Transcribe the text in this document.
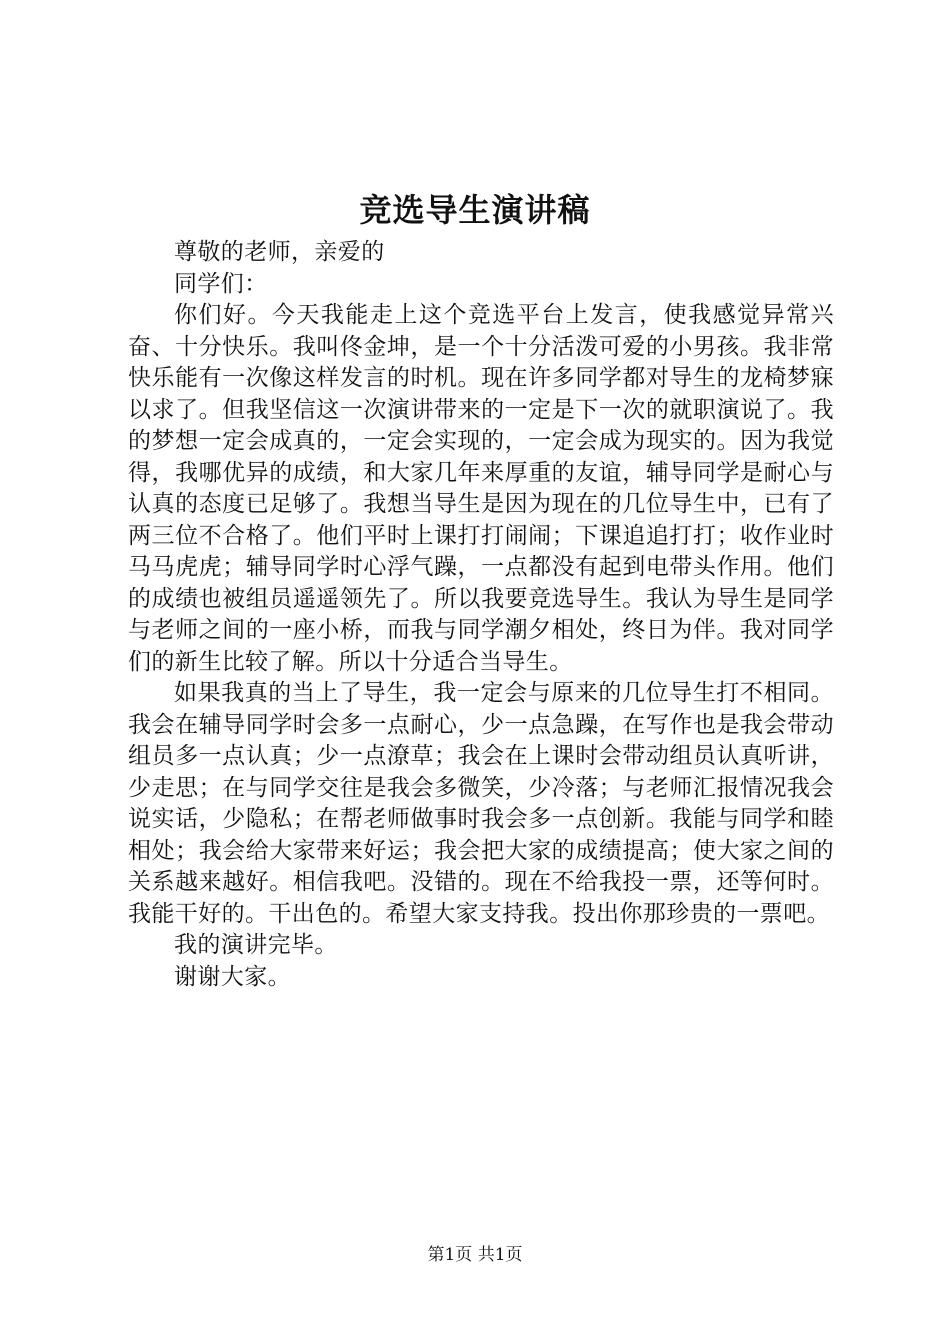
竞选导生演讲稿

尊敬的老师，亲爱的

同学们：

你们好。今天我能走上这个竞选平台上发言，使我感觉异常兴奋、十分快乐。我叫佟金坤，是一个十分活泼可爱的小男孩。我非常快乐能有一次像这样发言的时机。现在许多同学都对导生的龙椅梦寐以求了。但我坚信这一次演讲带来的一定是下一次的就职演说了。我的梦想一定会成真的，一定会实现的，一定会成为现实的。因为我觉得，我哪优异的成绩，和大家几年来厚重的友谊，辅导同学是耐心与认真的态度已足够了。我想当导生是因为现在的几位导生中，已有了两三位不合格了。他们平时上课打打闹闹；下课追追打打；收作业时马马虎虎；辅导同学时心浮气躁，一点都没有起到电带头作用。他们的成绩也被组员遥遥领先了。所以我要竞选导生。我认为导生是同学与老师之间的一座小桥，而我与同学潮夕相处，终日为伴。我对同学们的新生比较了解。所以十分适合当导生。

如果我真的当上了导生，我一定会与原来的几位导生打不相同。我会在辅导同学时会多一点耐心，少一点急躁，在写作也是我会带动组员多一点认真；少一点潦草；我会在上课时会带动组员认真听讲，少走思；在与同学交往是我会多微笑，少冷落；与老师汇报情况我会说实话，少隐私；在帮老师做事时我会多一点创新。我能与同学和睦相处；我会给大家带来好运；我会把大家的成绩提高；使大家之间的关系越来越好。相信我吧。没错的。现在不给我投一票，还等何时。我能干好的。干出色的。希望大家支持我。投出你那珍贵的一票吧。

我的演讲完毕。

谢谢大家。

第1页 共1页
